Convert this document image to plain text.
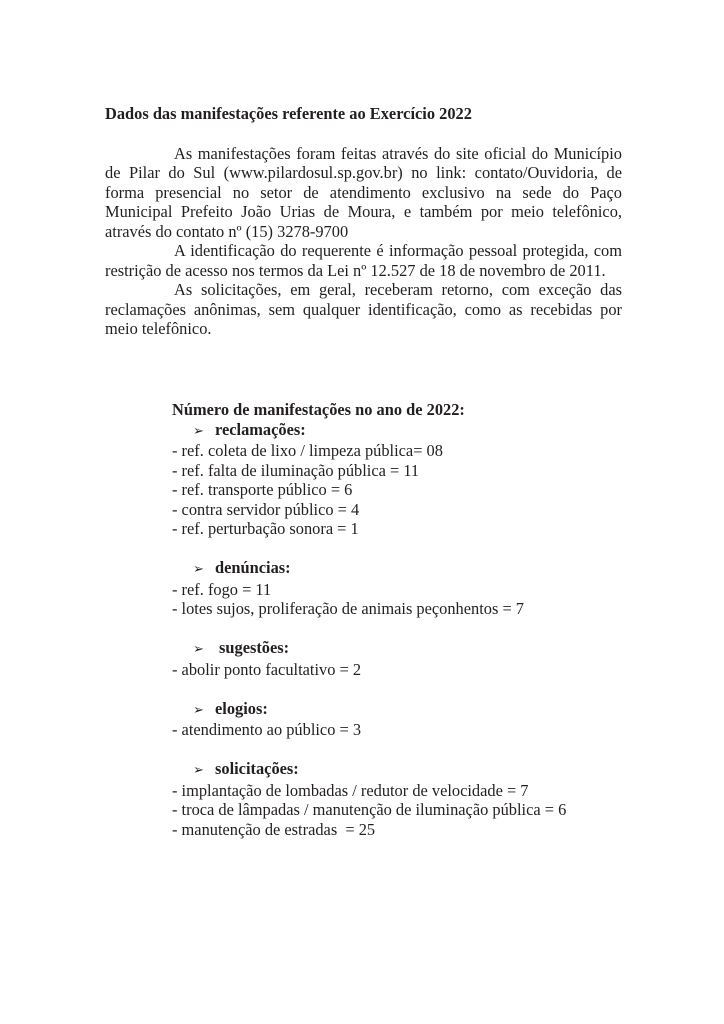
Dados das manifestações referente ao Exercício 2022

As manifestações foram feitas através do site oficial do Município de Pilar do Sul (www.pilardosul.sp.gov.br) no link: contato/Ouvidoria, de forma presencial no setor de atendimento exclusivo na sede do Paço Municipal Prefeito João Urias de Moura, e também por meio telefônico, através do contato nº (15) 3278-9700

A identificação do requerente é informação pessoal protegida, com restrição de acesso nos termos da Lei nº 12.527 de 18 de novembro de 2011.

As solicitações, em geral, receberam retorno, com exceção das reclamações anônimas, sem qualquer identificação, como as recebidas por meio telefônico.

Número de manifestações no ano de 2022:

➢ reclamações:

- ref. coleta de lixo / limpeza pública= 08

- ref. falta de iluminação pública = 11

- ref. transporte público = 6

- contra servidor público = 4

- ref. perturbação sonora = 1

➢ denúncias:

- ref. fogo = 11

- lotes sujos, proliferação de animais peçonhentos = 7

➢ sugestões:

- abolir ponto facultativo = 2

➢ elogios:

- atendimento ao público = 3

➢ solicitações:

- implantação de lombadas / redutor de velocidade = 7

- troca de lâmpadas / manutenção de iluminação pública = 6

- manutenção de estradas  = 25
